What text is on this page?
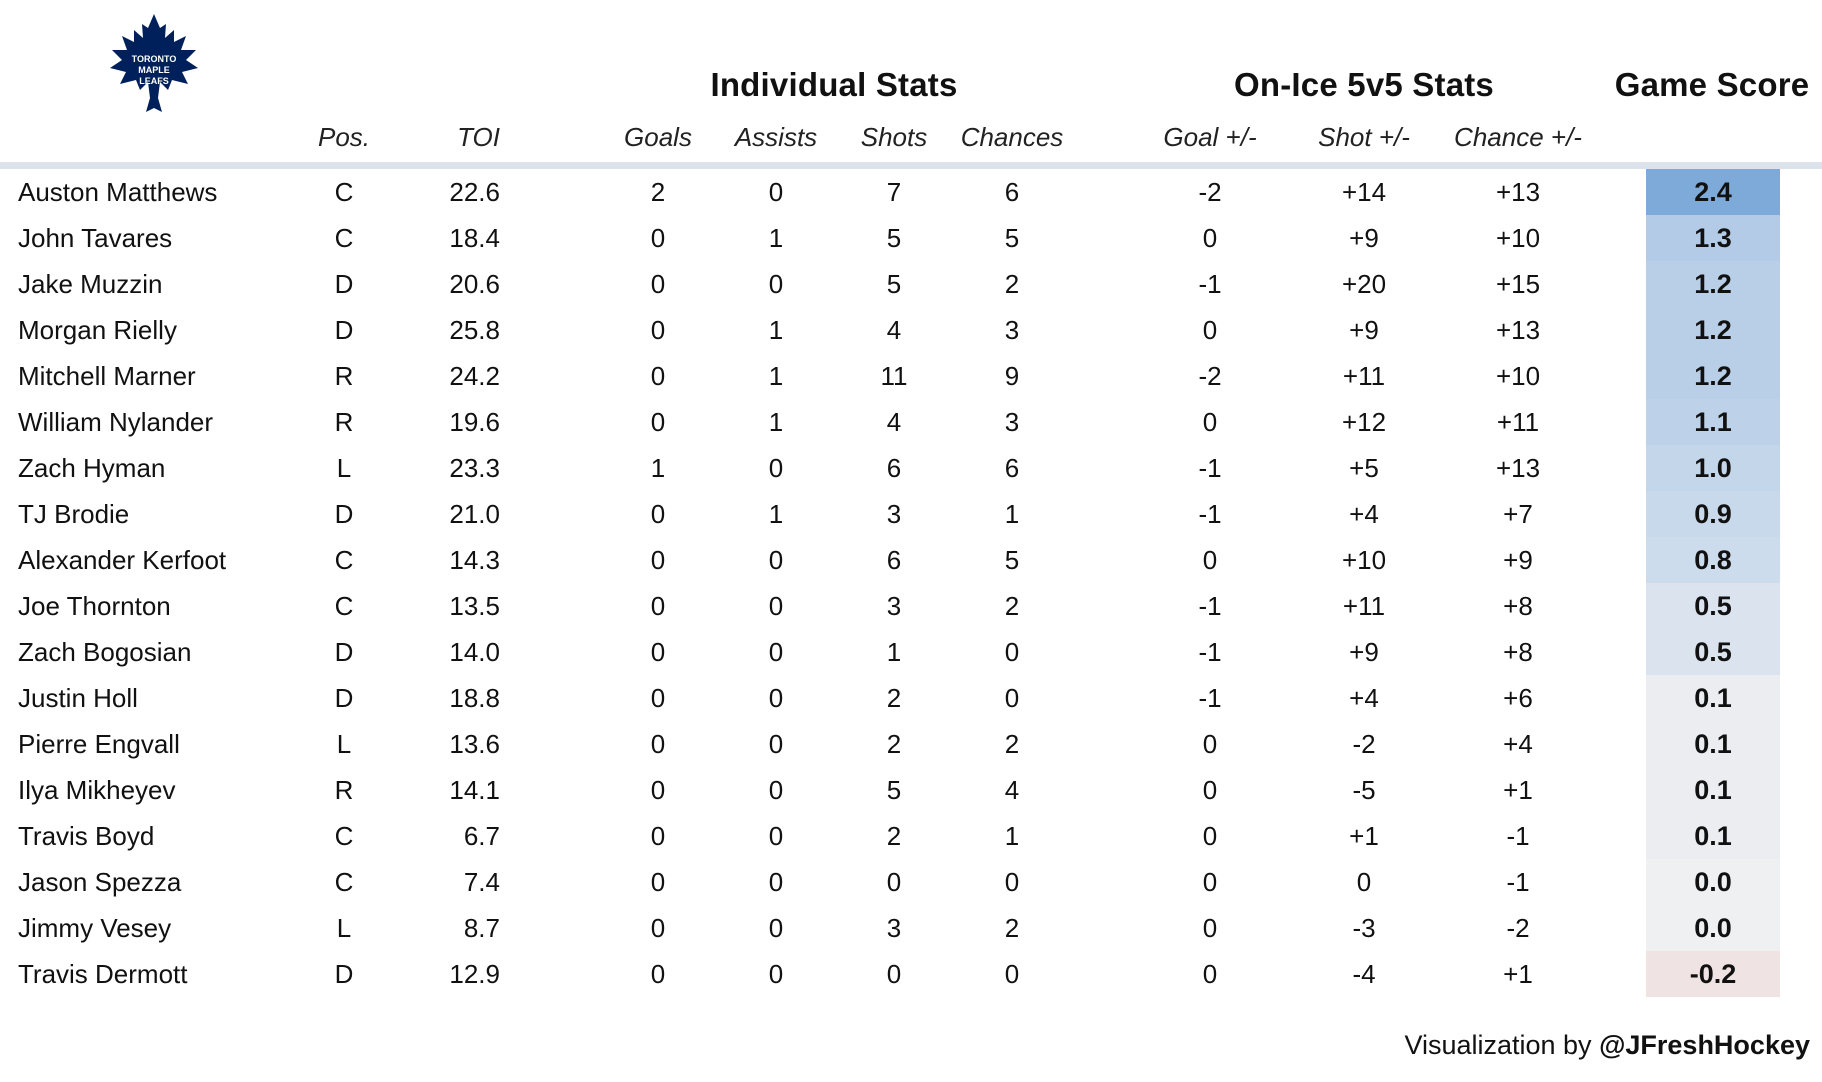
TORONTO
MAPLE
LEAFS	Individual Stats	On-Ice 5v5 Stats	Game Score
Pos.	TOI	Goals Assists Shots Chances	Goal +/- Shot +/- Chance +/-
Auston Matthews	C	22.6	2	0	7	6	-2	+14	+13	2.4
John Tavares	C	18.4	0	1	5	5	0	+9	+10	1.3
Jake Muzzin	D	20.6	0	0	5	2	-1	+20	+15	1.2
Morgan Rielly	D	25.8	0	1	4	3	0	+9	+13	1.2
Mitchell Marner	R	24.2	0	1	11	9	-2	+11	+10	1.2
William Nylander	R	19.6	0	1	4	3	0	+12	+11	1.1
Zach Hyman	L	23.3	1	0	6	6	-1	+5	+13	1.0
TJ Brodie	D	21.0	0	1	3	1	-1	+4	+7	0.9
Alexander Kerfoot	C	14.3	0	0	6	5	0	+10	+9	0.8
Joe Thornton	C	13.5	0	0	3	2	-1	+11	+8	0.5
Zach Bogosian	D	14.0	0	0	1	0	-1	+9	+8	0.5
Justin Holl	D	18.8	0	0	2	0	-1	+4	+6	0.1
Pierre Engvall	L	13.6	0	0	2	2	0	-2	+4	0.1
Ilya Mikheyev	R	14.1	0	0	5	4	0	-5	+1	0.1
Travis Boyd	C	6.7	0	0	2	1	0	+1	-1	0.1
Jason Spezza	C	7.4	0	0	0	0	0	0	-1	0.0
Jimmy Vesey	L	8.7	0	0	3	2	0	-3	-2	0.0
Travis Dermott	D	12.9	0	0	0	0	0	-4	+1	-0.2
Visualization by @JFreshHockey
